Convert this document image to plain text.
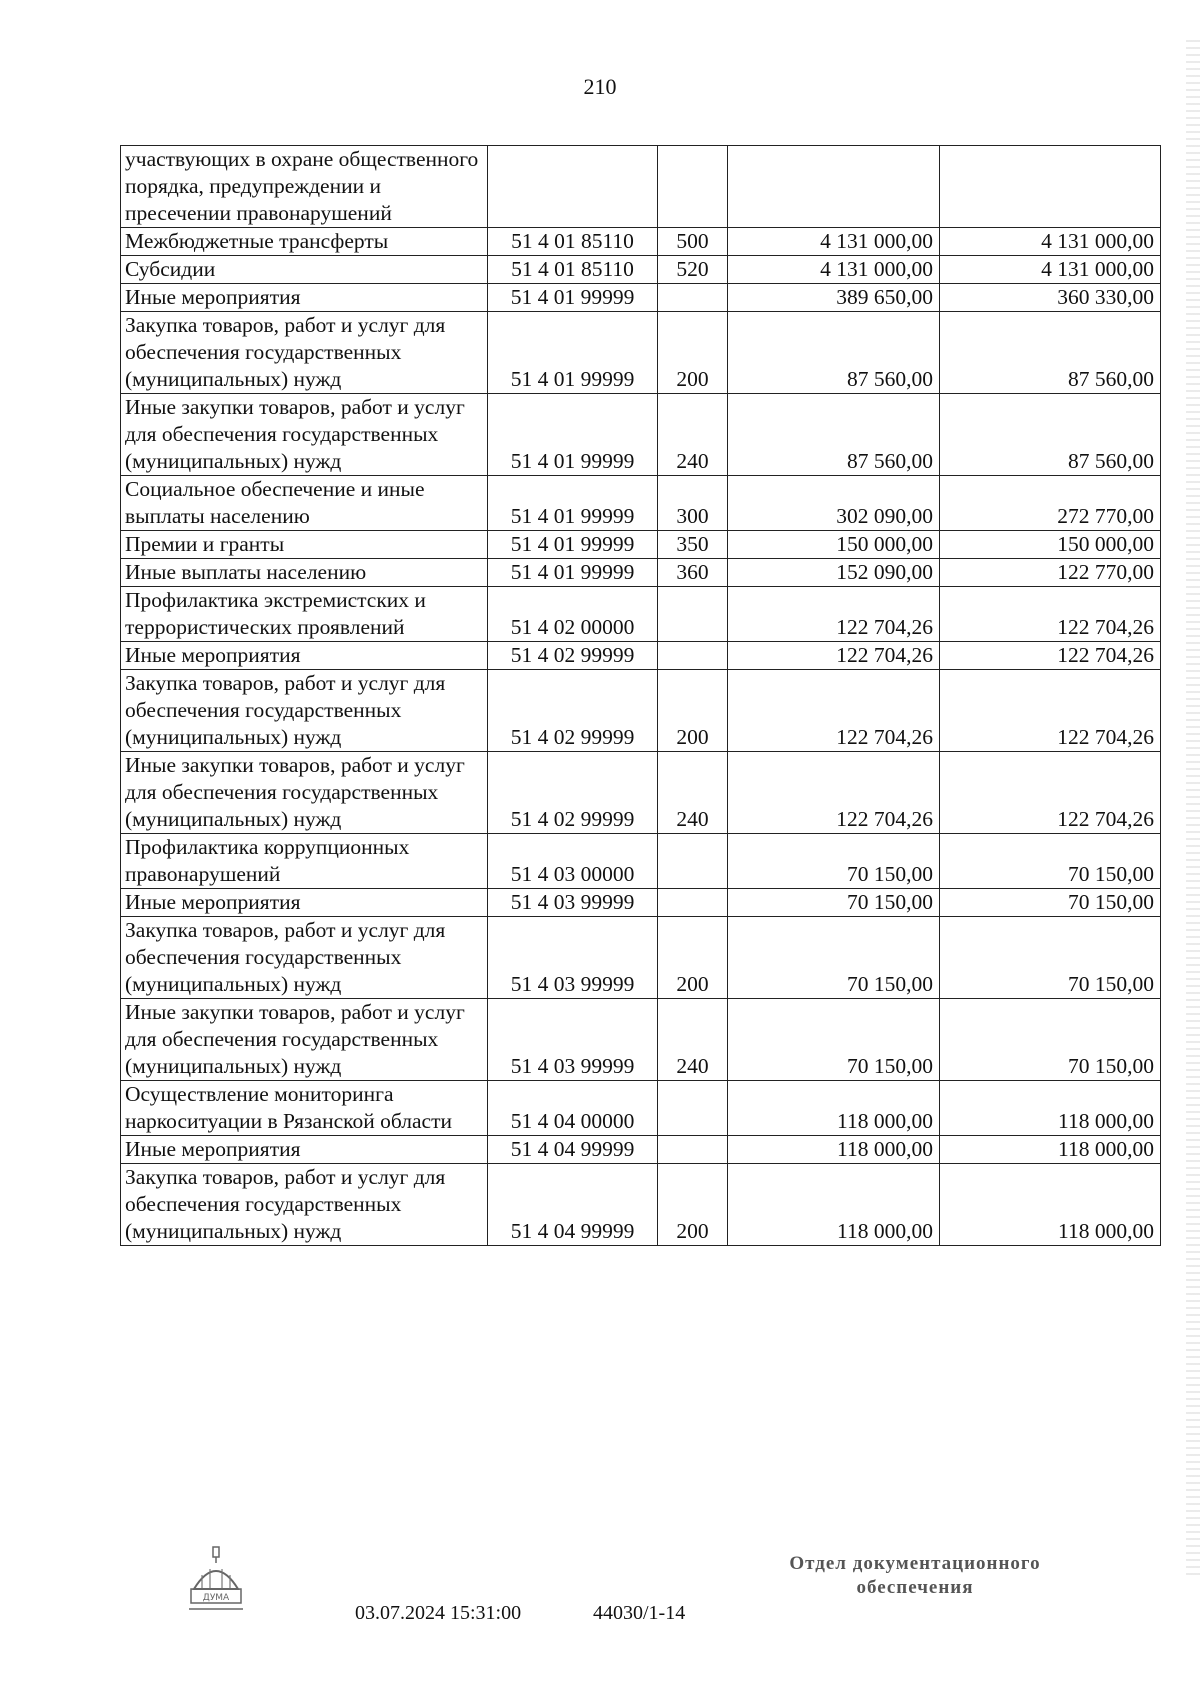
210
участвующих в охране общественного порядка, предупреждении и пресечении правонарушений				
Межбюджетные трансферты	51 4 01 85110	500	4 131 000,00	4 131 000,00
Субсидии	51 4 01 85110	520	4 131 000,00	4 131 000,00
Иные мероприятия	51 4 01 99999		389 650,00	360 330,00
Закупка товаров, работ и услуг для обеспечения государственных (муниципальных) нужд	51 4 01 99999	200	87 560,00	87 560,00
Иные закупки товаров, работ и услуг для обеспечения государственных (муниципальных) нужд	51 4 01 99999	240	87 560,00	87 560,00
Социальное обеспечение и иные выплаты населению	51 4 01 99999	300	302 090,00	272 770,00
Премии и гранты	51 4 01 99999	350	150 000,00	150 000,00
Иные выплаты населению	51 4 01 99999	360	152 090,00	122 770,00
Профилактика экстремистских и террористических проявлений	51 4 02 00000		122 704,26	122 704,26
Иные мероприятия	51 4 02 99999		122 704,26	122 704,26
Закупка товаров, работ и услуг для обеспечения государственных (муниципальных) нужд	51 4 02 99999	200	122 704,26	122 704,26
Иные закупки товаров, работ и услуг для обеспечения государственных (муниципальных) нужд	51 4 02 99999	240	122 704,26	122 704,26
Профилактика коррупционных правонарушений	51 4 03 00000		70 150,00	70 150,00
Иные мероприятия	51 4 03 99999		70 150,00	70 150,00
Закупка товаров, работ и услуг для обеспечения государственных (муниципальных) нужд	51 4 03 99999	200	70 150,00	70 150,00
Иные закупки товаров, работ и услуг для обеспечения государственных (муниципальных) нужд	51 4 03 99999	240	70 150,00	70 150,00
Осуществление мониторинга наркоситуации в Рязанской области	51 4 04 00000		118 000,00	118 000,00
Иные мероприятия	51 4 04 99999		118 000,00	118 000,00
Закупка товаров, работ и услуг для обеспечения государственных (муниципальных) нужд	51 4 04 99999	200	118 000,00	118 000,00
ДУМА
03.07.2024 15:31:00	44030/1-14
Отдел документационного
обеспечения
